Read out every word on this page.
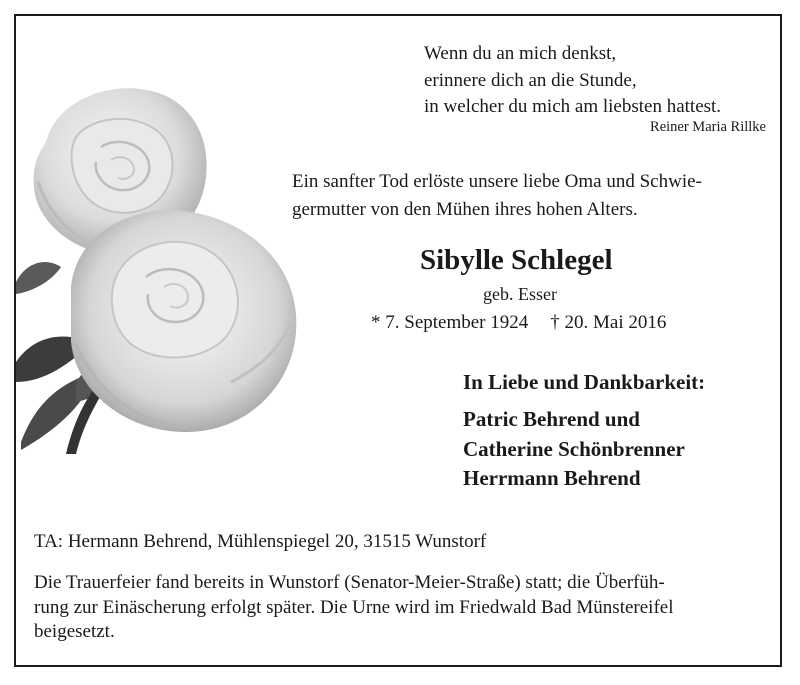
Wenn du an mich denkst,
erinnere dich an die Stunde,
in welcher du mich am liebsten hattest.
Reiner Maria Rillke
Ein sanfter Tod erlöste unsere liebe Oma und Schwie-
germutter von den Mühen ihres hohen Alters.
Sibylle Schlegel
geb. Esser
* 7. September 1924 † 20. Mai 2016
In Liebe und Dankbarkeit:
Patric Behrend und
Catherine Schönbrenner
Herrmann Behrend
TA: Hermann Behrend, Mühlenspiegel 20, 31515 Wunstorf
Die Trauerfeier fand bereits in Wunstorf (Senator-Meier-Straße) statt; die Überfüh-
rung zur Einäscherung erfolgt später. Die Urne wird im Friedwald Bad Münstereifel
beigesetzt.
